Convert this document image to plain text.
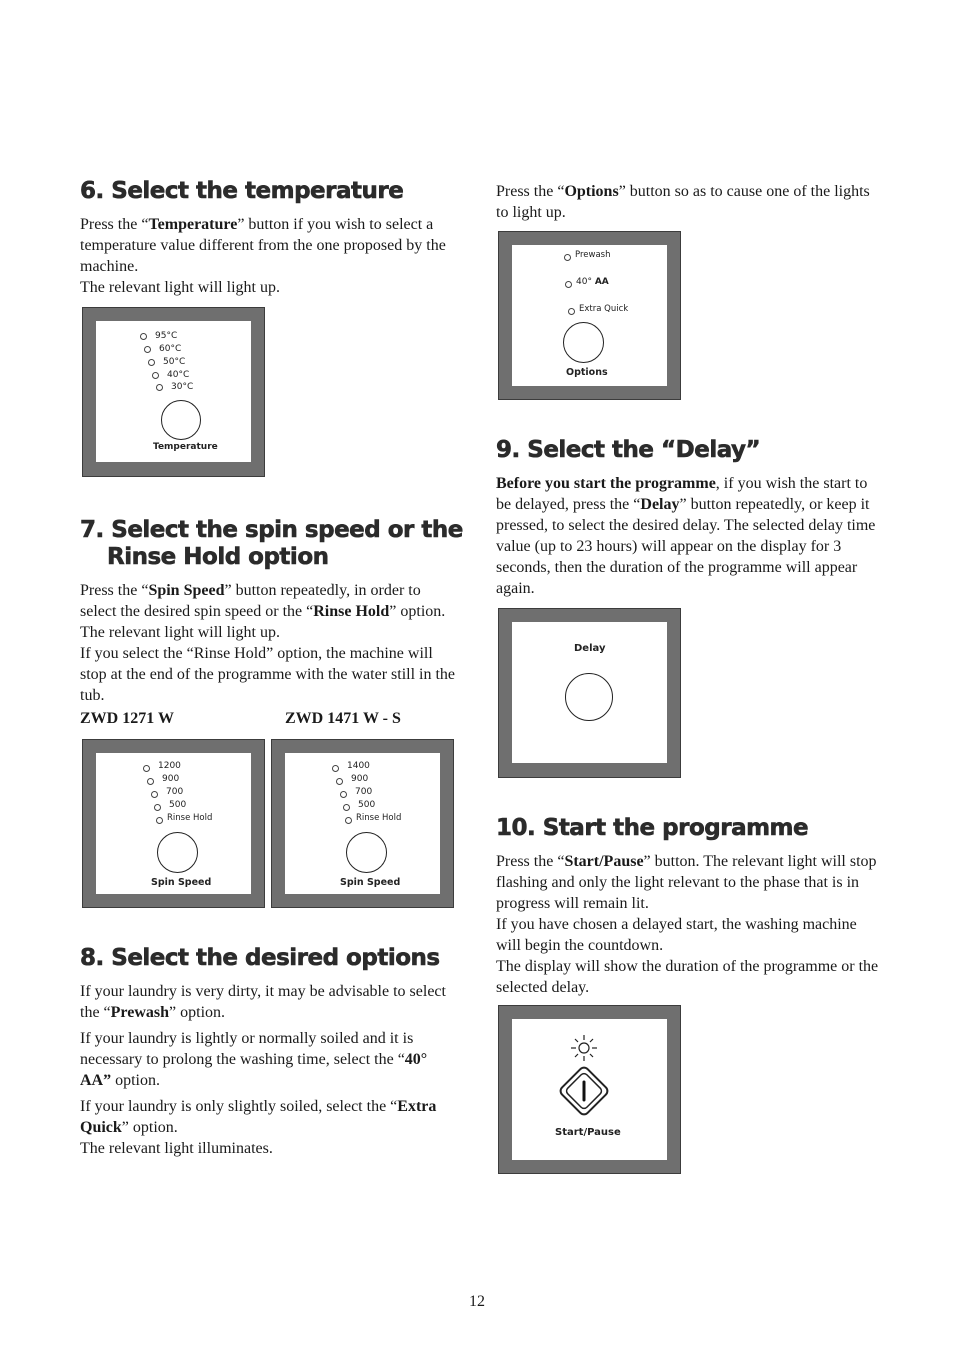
6. Select the temperature

Press the “Temperature” button if you wish to select a temperature value different from the one proposed by the machine.
The relevant light will light up.

95°C
60°C
50°C
40°C
30°C
Temperature
7. Select the spin speed or the
Rinse Hold option

Press the “Spin Speed” button repeatedly, in order to select the desired spin speed or the “Rinse Hold” option. The relevant light will light up.
If you select the “Rinse Hold” option, the machine will stop at the end of the programme with the water still in the tub.

ZWD 1271 W	ZWD 1471 W - S
1200
900
700
500
Rinse Hold
Spin Speed
1400
900
700
500
Rinse Hold
Spin Speed
8. Select the desired options

If your laundry is very dirty, it may be advisable to select the “Prewash” option.

If your laundry is lightly or normally soiled and it is necessary to prolong the washing time, select the “40° AA” option.

If your laundry is only slightly soiled, select the “Extra Quick” option.
The relevant light illuminates.

Press the “Options” button so as to cause one of the lights to light up.

Prewash
40° AA
Extra Quick
Options
9. Select the “Delay”

Before you start the programme, if you wish the start to be delayed, press the “Delay” button repeatedly, or keep it pressed, to select the desired delay. The selected delay time value (up to 23 hours) will appear on the display for 3 seconds, then the duration of the programme will appear again.

Delay
10. Start the programme

Press the “Start/Pause” button. The relevant light will stop flashing and only the light relevant to the phase that is in progress will remain lit.
If you have chosen a delayed start, the washing machine will begin the countdown.
The display will show the duration of the programme or the selected delay.

Start/Pause
12
